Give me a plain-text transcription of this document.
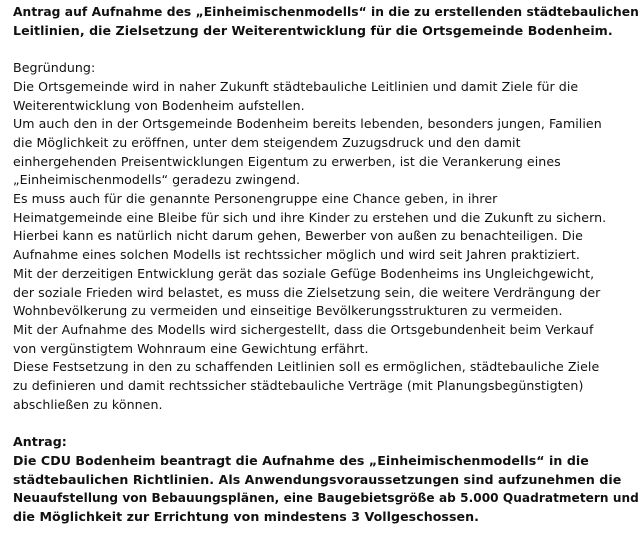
Antrag auf Aufnahme des „Einheimischenmodells“ in die zu erstellenden städtebaulichen
Leitlinien, die Zielsetzung der Weiterentwicklung für die Ortsgemeinde Bodenheim.
Begründung:
Die Ortsgemeinde wird in naher Zukunft städtebauliche Leitlinien und damit Ziele für die
Weiterentwicklung von Bodenheim aufstellen.
Um auch den in der Ortsgemeinde Bodenheim bereits lebenden, besonders jungen, Familien
die Möglichkeit zu eröffnen, unter dem steigendem Zuzugsdruck und den damit
einhergehenden Preisentwicklungen Eigentum zu erwerben, ist die Verankerung eines
„Einheimischenmodells“ geradezu zwingend.
Es muss auch für die genannte Personengruppe eine Chance geben, in ihrer
Heimatgemeinde eine Bleibe für sich und ihre Kinder zu erstehen und die Zukunft zu sichern.
Hierbei kann es natürlich nicht darum gehen, Bewerber von außen zu benachteiligen. Die
Aufnahme eines solchen Modells ist rechtssicher möglich und wird seit Jahren praktiziert.
Mit der derzeitigen Entwicklung gerät das soziale Gefüge Bodenheims ins Ungleichgewicht,
der soziale Frieden wird belastet, es muss die Zielsetzung sein, die weitere Verdrängung der
Wohnbevölkerung zu vermeiden und einseitige Bevölkerungsstrukturen zu vermeiden.
Mit der Aufnahme des Modells wird sichergestellt, dass die Ortsgebundenheit beim Verkauf
von vergünstigtem Wohnraum eine Gewichtung erfährt.
Diese Festsetzung in den zu schaffenden Leitlinien soll es ermöglichen, städtebauliche Ziele
zu definieren und damit rechtssicher städtebauliche Verträge (mit Planungsbegünstigten)
abschließen zu können.
Antrag:
Die CDU Bodenheim beantragt die Aufnahme des „Einheimischenmodells“ in die
städtebaulichen Richtlinien. Als Anwendungsvoraussetzungen sind aufzunehmen die
Neuaufstellung von Bebauungsplänen, eine Baugebietsgröße ab 5.000 Quadratmetern und
die Möglichkeit zur Errichtung von mindestens 3 Vollgeschossen.
